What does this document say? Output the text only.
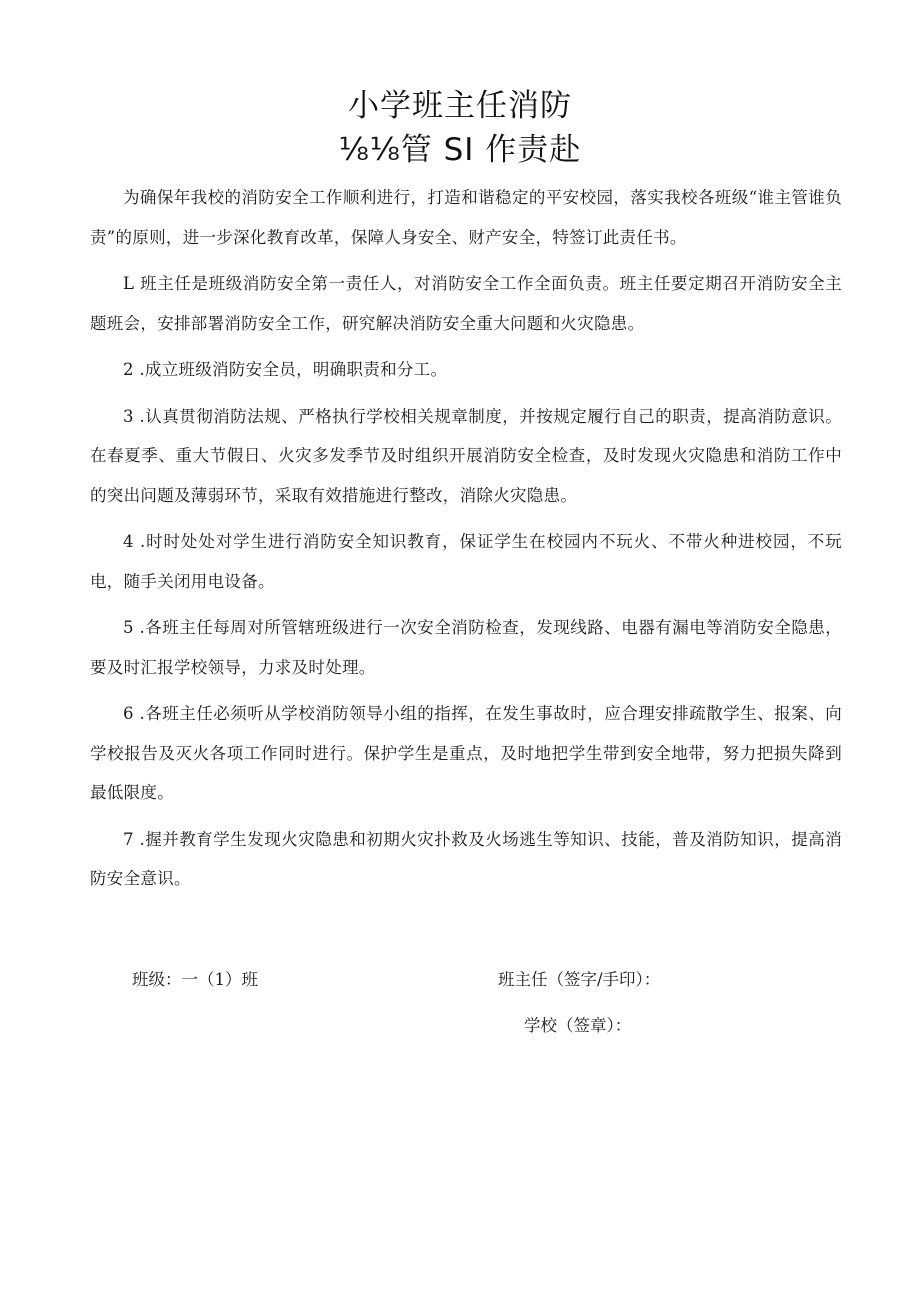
小学班主任消防
⅛⅛管 SI 作责赴

为确保年我校的消防安全工作顺利进行，打造和谐稳定的平安校园，落实我校各班级“谁主管谁负责”的原则，进一步深化教育改革，保障人身安全、财产安全，特签订此责任书。

L 班主任是班级消防安全第一责任人，对消防安全工作全面负责。班主任要定期召开消防安全主题班会，安排部署消防安全工作，研究解决消防安全重大问题和火灾隐患。

2 .成立班级消防安全员，明确职责和分工。

3 .认真贯彻消防法规、严格执行学校相关规章制度，并按规定履行自己的职责，提高消防意识。在春夏季、重大节假日、火灾多发季节及时组织开展消防安全检查，及时发现火灾隐患和消防工作中的突出问题及薄弱环节，采取有效措施进行整改，消除火灾隐患。

4 .时时处处对学生进行消防安全知识教育，保证学生在校园内不玩火、不带火种进校园，不玩电，随手关闭用电设备。

5 .各班主任每周对所管辖班级进行一次安全消防检查，发现线路、电器有漏电等消防安全隐患，要及时汇报学校领导，力求及时处理。

6 .各班主任必须听从学校消防领导小组的指挥，在发生事故时，应合理安排疏散学生、报案、向学校报告及灭火各项工作同时进行。保护学生是重点，及时地把学生带到安全地带，努力把损失降到最低限度。

7 .握并教育学生发现火灾隐患和初期火灾扑救及火场逃生等知识、技能，普及消防知识，提高消防安全意识。

班级：一（1）班	班主任（签字/手印）：
学校（签章）：
